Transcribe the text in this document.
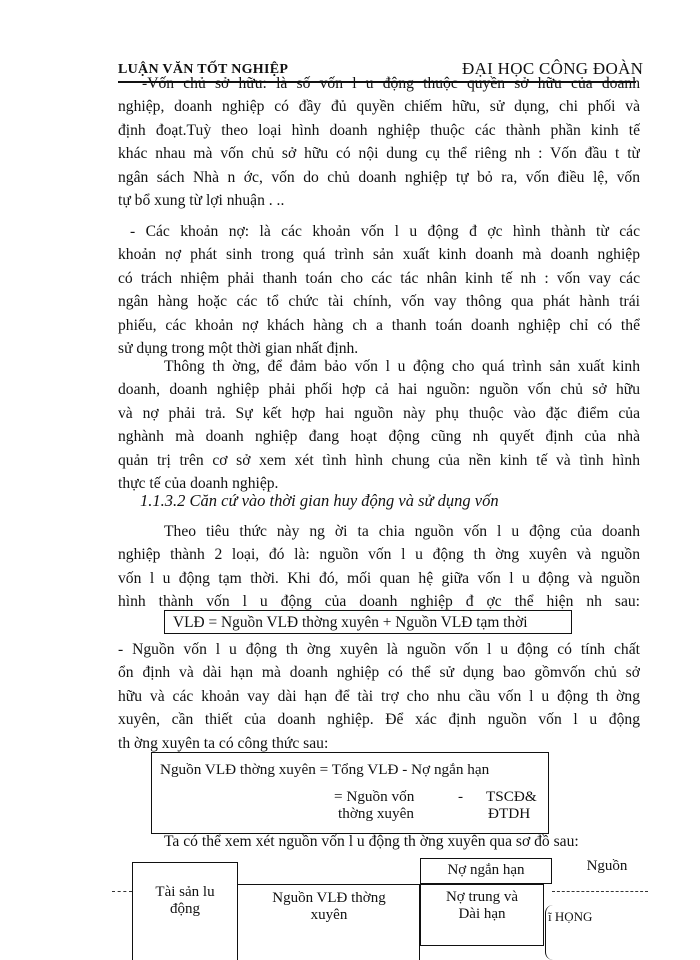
LUẬN VĂN TỐT NGHIỆP	ĐẠI HỌC CÔNG ĐOÀN

-Vốn chủ sở hữu: là số vốn l u động thuộc quyền sở hữu của doanh
nghiệp, doanh nghiệp có đầy đủ quyền chiếm hữu, sử dụng, chi phối và
định đoạt.Tuỳ theo loại hình doanh nghiệp thuộc các thành phần kinh tế
khác nhau mà vốn chủ sở hữu có nội dung cụ thể riêng nh : Vốn đầu t từ
ngân sách Nhà n ớc, vốn do chủ doanh nghiệp tự bỏ ra, vốn điều lệ, vốn
tự bổ xung từ lợi nhuận . ..

- Các khoản nợ: là các khoản vốn l u động đ ợc hình thành từ các
khoản nợ phát sinh trong quá trình sản xuất kinh doanh mà doanh nghiệp
có trách nhiệm phải thanh toán cho các tác nhân kinh tế nh : vốn vay các
ngân hàng hoặc các tổ chức tài chính, vốn vay thông qua phát hành trái
phiếu, các khoản nợ khách hàng ch a thanh toán doanh nghiệp chỉ có thể
sử dụng trong một thời gian nhất định.

Thông th ờng, để đảm bảo vốn l u động cho quá trình sản xuất kinh
doanh, doanh nghiệp phải phối hợp cả hai nguồn: nguồn vốn chủ sở hữu
và nợ phải trả. Sự kết hợp hai nguồn này phụ thuộc vào đặc điểm của
nghành mà doanh nghiệp đang hoạt động cũng nh quyết định của nhà
quản trị trên cơ sở xem xét tình hình chung của nền kinh tế và tình hình
thực tế của doanh nghiệp.

1.1.3.2 Căn cứ vào thời gian huy động và sử dụng vốn

Theo tiêu thức này ng ời ta chia nguồn vốn l u động của doanh
nghiệp thành 2 loại, đó là: nguồn vốn l u động th ờng xuyên và nguồn
vốn l u động tạm thời. Khi đó, mối quan hệ giữa vốn l u động và nguồn
hình thành vốn l u động của doanh nghiệp đ ợc thể hiện nh sau:

VLĐ = Nguồn VLĐ thờng xuyên + Nguồn VLĐ tạm thời

- Nguồn vốn l u động th ờng xuyên là nguồn vốn l u động có tính chất
ổn định và dài hạn mà doanh nghiệp có thể sử dụng bao gồmvốn chủ sở
hữu và các khoản vay dài hạn để tài trợ cho nhu cầu vốn l u động th ờng
xuyên, cần thiết của doanh nghiệp. Để xác định nguồn vốn l u động
th ờng xuyên ta có công thức sau:

Nguồn VLĐ thờng xuyên = Tổng VLĐ - Nợ ngắn hạn
= Nguồn vốn
thờng xuyên
- TSCĐ&
ĐTDH

Ta có thể xem xét nguồn vốn l u động th ờng xuyên qua sơ đồ sau:

Nợ ngắn hạn	Nguồn
Tài sản lu
động
Nguồn VLĐ thờng
xuyên
Nợ trung và
Dài hạn	ĩ HỌNG
